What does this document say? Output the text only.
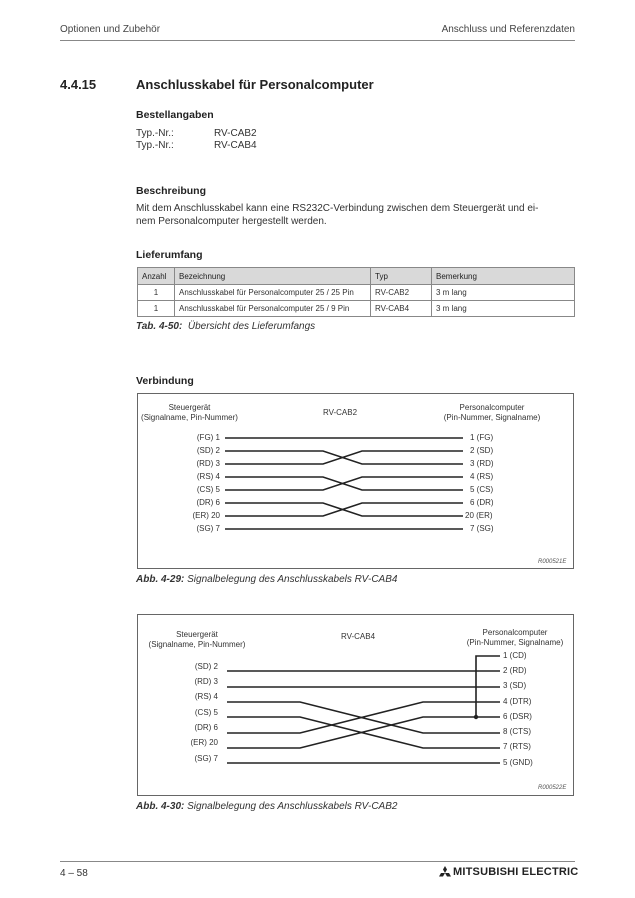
Optionen und Zubehör	Anschluss und Referenzdaten
4.4.15	Anschlusskabel für Personalcomputer
Bestellangaben
Typ.-Nr.:	RV-CAB2
Typ.-Nr.:	RV-CAB4
Beschreibung
Mit dem Anschlusskabel kann eine RS232C-Verbindung zwischen dem Steuergerät und ei-
nem Personalcomputer hergestellt werden.
Lieferumfang
Anzahl	Bezeichnung	Typ	Bemerkung
1	Anschlusskabel für Personalcomputer 25 / 25 Pin	RV-CAB2	3 m lang
1	Anschlusskabel für Personalcomputer 25 / 9 Pin	RV-CAB4	3 m lang
Tab. 4-50: Übersicht des Lieferumfangs
Verbindung
Steuergerät
(Signalname, Pin-Nummer)
RV-CAB2
Personalcomputer
(Pin-Nummer, Signalname)
(FG) 1
(SD) 2
(RD) 3
(RS) 4
(CS) 5
(DR) 6
(ER) 20
(SG) 7
1 (FG)
2 (SD)
3 (RD)
4 (RS)
5 (CS)
6 (DR)
20 (ER)
7 (SG)
R000521E
Steuergerät
(Signalname, Pin-Nummer)
RV-CAB4	Personalcomputer
(Pin-Nummer, Signalname)
(SD) 2
(RD) 3
(RS) 4
(CS) 5
(DR) 6
(ER) 20
(SG) 7
1 (CD)
2 (RD)
3 (SD)
4 (DTR)
6 (DSR)
8 (CTS)
7 (RTS)
5 (GND)
R000522E
Abb. 4-29: Signalbelegung des Anschlusskabels RV-CAB4
Abb. 4-30: Signalbelegung des Anschlusskabels RV-CAB2
4 – 58	MITSUBISHI ELECTRIC
